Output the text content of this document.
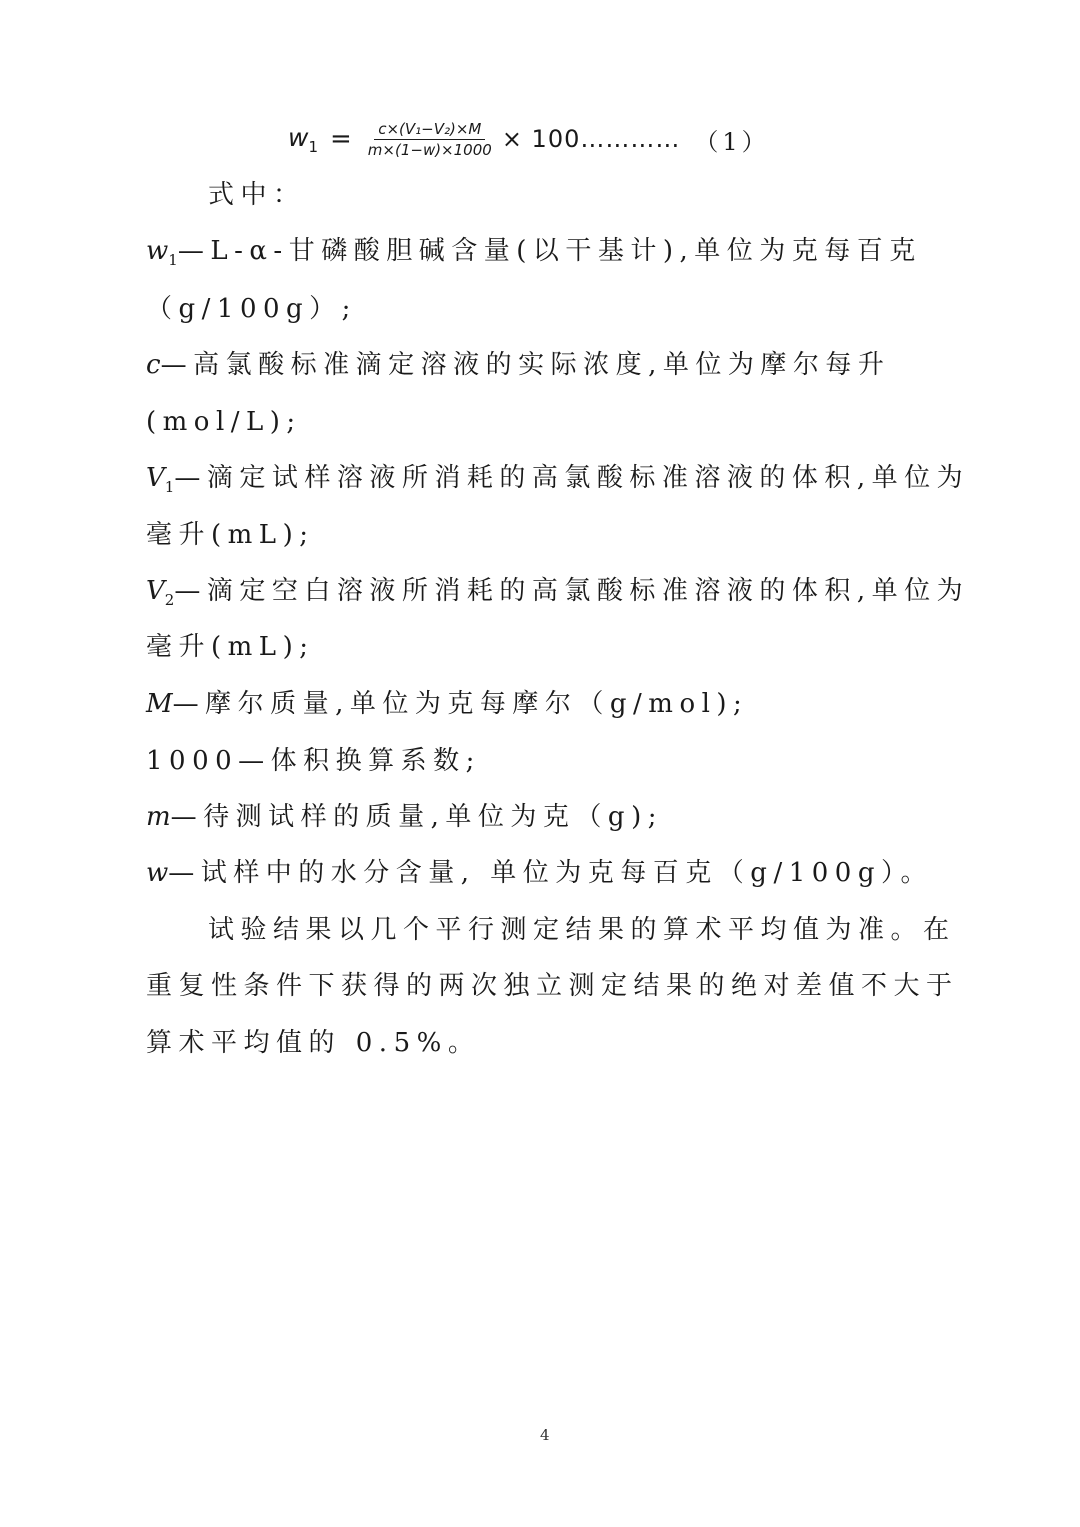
$w_1 = \frac{\text{c×(V₁−V₂)×M}}{m\times(1-w)\times 1000}$ × 100………… （1）
式中：
$w_1—L-\alpha-$甘磷酸胆碱含量(以干基计),单位为克每百克
（g/100g）;
c—高氯酸标准滴定溶液的实际浓度,单位为摩尔每升
(mol/L);
$V_1—$滴定试样溶液所消耗的高氯酸标准溶液的体积,单位为
毫升(mL);
$V_2—$滴定空白溶液所消耗的高氯酸标准溶液的体积,单位为
毫升(mL);
M—摩尔质量,单位为克每摩尔（g/mol);
1000—体积换算系数;
m—待测试样的质量,单位为克（g);
w—试样中的水分含量, 单位为克每百克（g/100g）。
试验结果以几个平行测定结果的算术平均值为准。在
重复性条件下获得的两次独立测定结果的绝对差值不大于
算术平均值的 0.5%。
4
